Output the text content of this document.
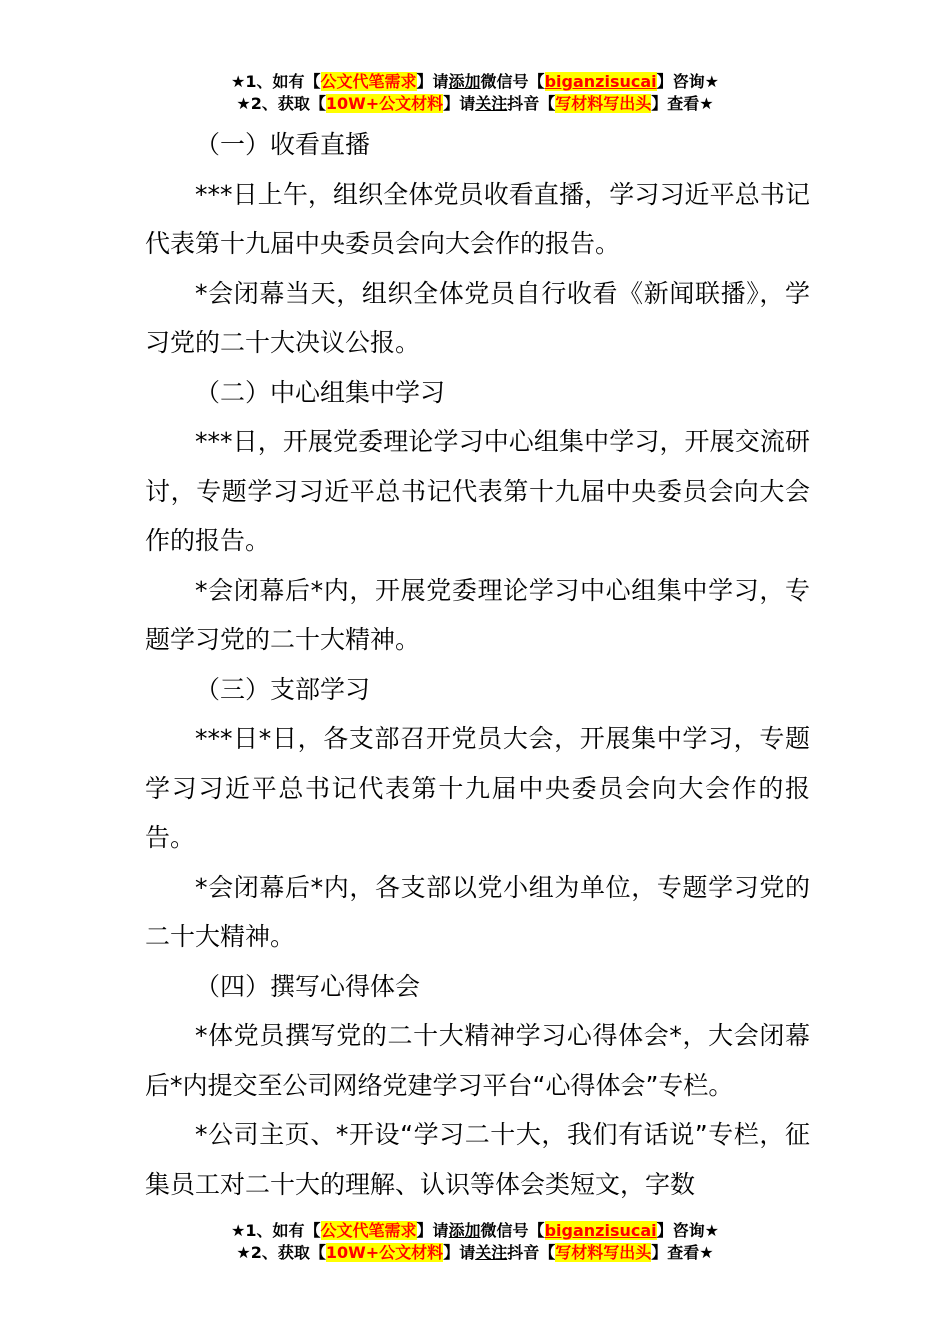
★1、如有【公文代笔需求】请添加微信号【biganzisucai】咨询★
★2、获取【10W+公文材料】请关注抖音【写材料写出头】查看★

（一）收看直播

***日上午，组织全体党员收看直播，学习习近平总书记代表第十九届中央委员会向大会作的报告。

*会闭幕当天，组织全体党员自行收看《新闻联播》，学习党的二十大决议公报。

（二）中心组集中学习

***日，开展党委理论学习中心组集中学习，开展交流研讨，专题学习习近平总书记代表第十九届中央委员会向大会作的报告。

*会闭幕后*内，开展党委理论学习中心组集中学习，专题学习党的二十大精神。

（三）支部学习

***日*日，各支部召开党员大会，开展集中学习，专题学习习近平总书记代表第十九届中央委员会向大会作的报告。

*会闭幕后*内，各支部以党小组为单位，专题学习党的二十大精神。

（四）撰写心得体会

*体党员撰写党的二十大精神学习心得体会*，大会闭幕后*内提交至公司网络党建学习平台“心得体会”专栏。

*公司主页、*开设“学习二十大，我们有话说”专栏，征集员工对二十大的理解、认识等体会类短文，字数

★1、如有【公文代笔需求】请添加微信号【biganzisucai】咨询★
★2、获取【10W+公文材料】请关注抖音【写材料写出头】查看★
